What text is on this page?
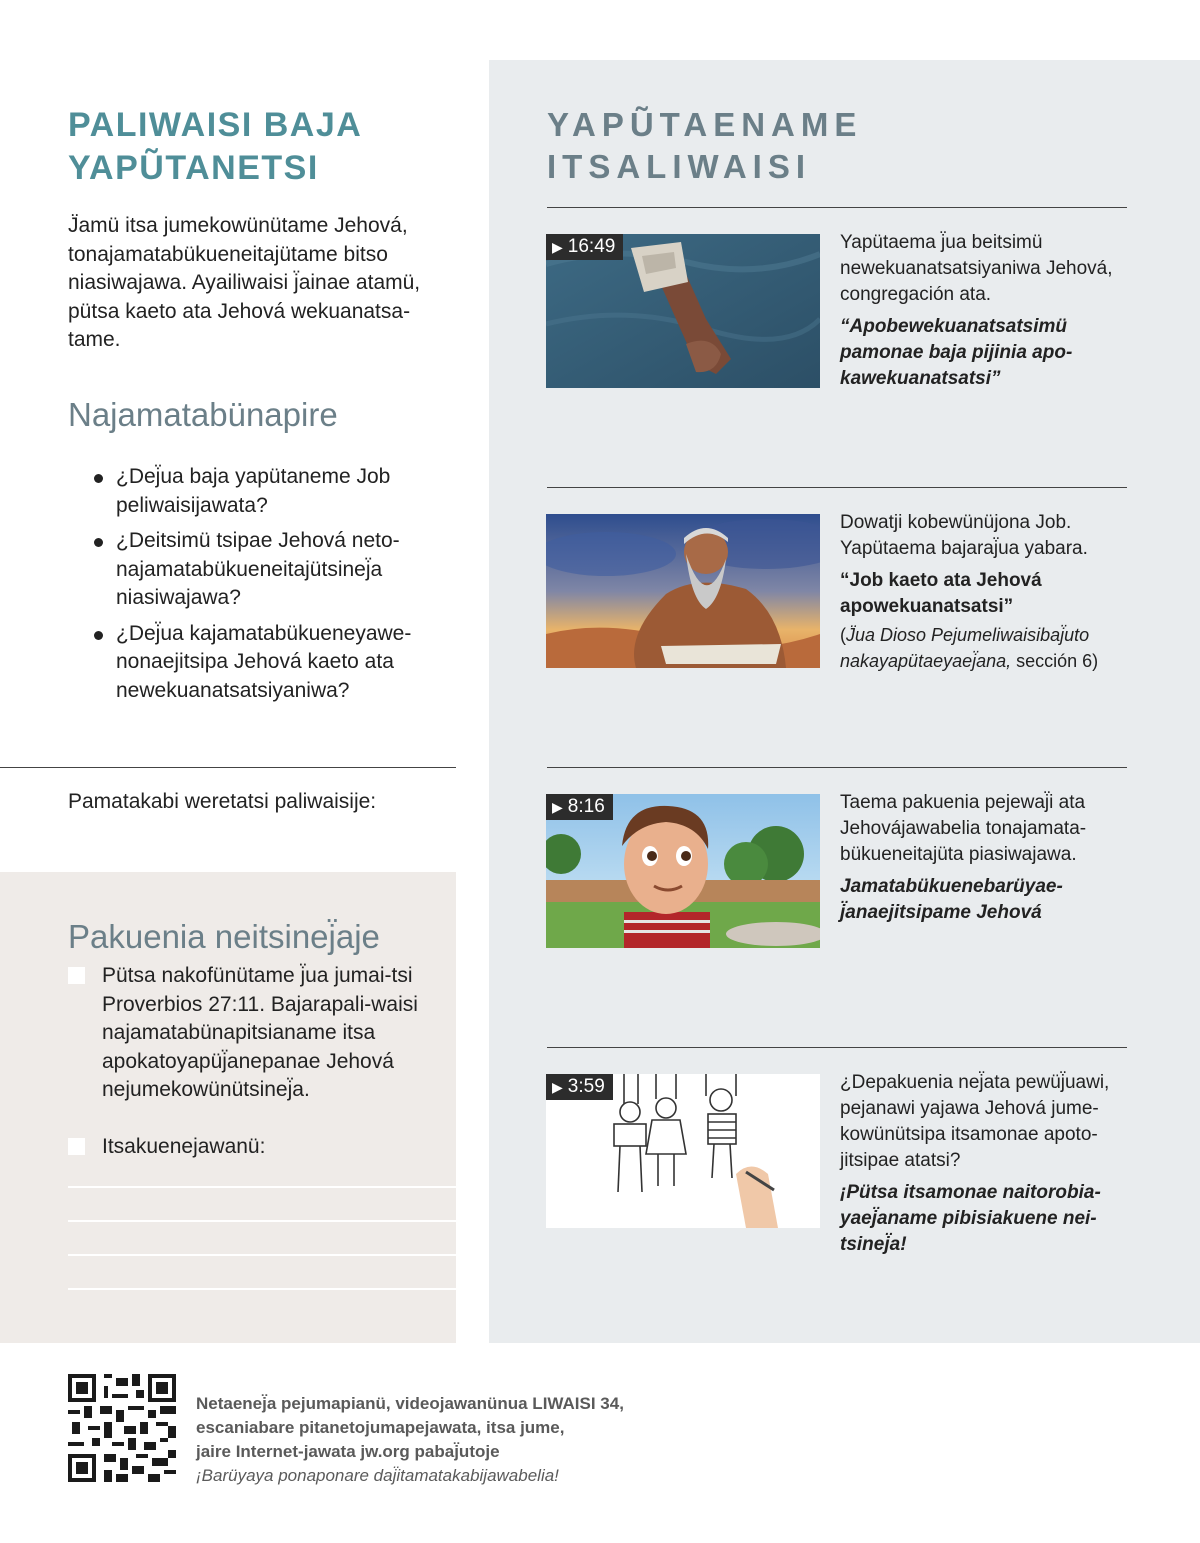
PALIWAISI BAJA YAPŨTANETSI

J̈amü itsa jumekowünütame Jehová, tonajamatabükueneitajütame bitso niasiwajawa. Ayailiwaisi j̈ainae atamü, pütsa kaeto ata Jehová wekuanatsa-tame.

Najamatabünapire
¿Dej̈ua baja yapütaneme Job peliwaisijawata?
¿Deitsimü tsipae Jehová neto-najamatabükueneitajütsinej̈a niasiwajawa?
¿Dej̈ua kajamatabükueneyawe-nonaejitsipa Jehová kaeto ata newekuanatsatsiyaniwa?
Pamatakabi weretatsi paliwaisije:
Pakuenia neitsinej̈aje
Pütsa nakofünütame j̈ua jumai-tsi Proverbios 27:11. Bajarapali-waisi najamatabünapitsianame itsa apokatoyapüj̈anepanae Jehová nejumekowünütsinej̈a.
Itsakuenejawanü:
YAPŨTAENAME ITSALIWAISI
▶ 16:49	Yapütaema j̈ua beitsimü newekuanatsatsiyaniwa Jehová, congregación ata.

“Apobewekuanatsatsimü pamonae baja pijinia apo-kawekuanatsatsi”

Dowatji kobewünüjona Job. Yapütaema bajaraj̈ua yabara.

“Job kaeto ata Jehová apowekuanatsatsi”

(J̈ua Dioso Pejumeliwaisibaj̈uto nakayapütaeyaej̈ana, sección 6)

▶ 8:16	Taema pakuenia pejewaj̈i ata Jehovájawabelia tonajamata-bükueneitajüta piasiwajawa.

Jamatabükuenebarüyae-j̈anaejitsipame Jehová

▶ 3:59	¿Depakuenia nej̈ata pewüj̈uawi, pejanawi yajawa Jehová jume-kowünütsipa itsamonae apoto-jitsipae atatsi?

¡Pütsa itsamonae naitorobia-yaej̈aname pibisiakuene nei-tsinej̈a!

Netaenej̈a pejumapianü, videojawanünua LIWAISI 34,

escaniabare pitanetojumapejawata, itsa jume,

jaire Internet-jawata jw.org pabaj̈utoje

¡Barüyaya ponaponare daj̈itamatakabijawabelia!
